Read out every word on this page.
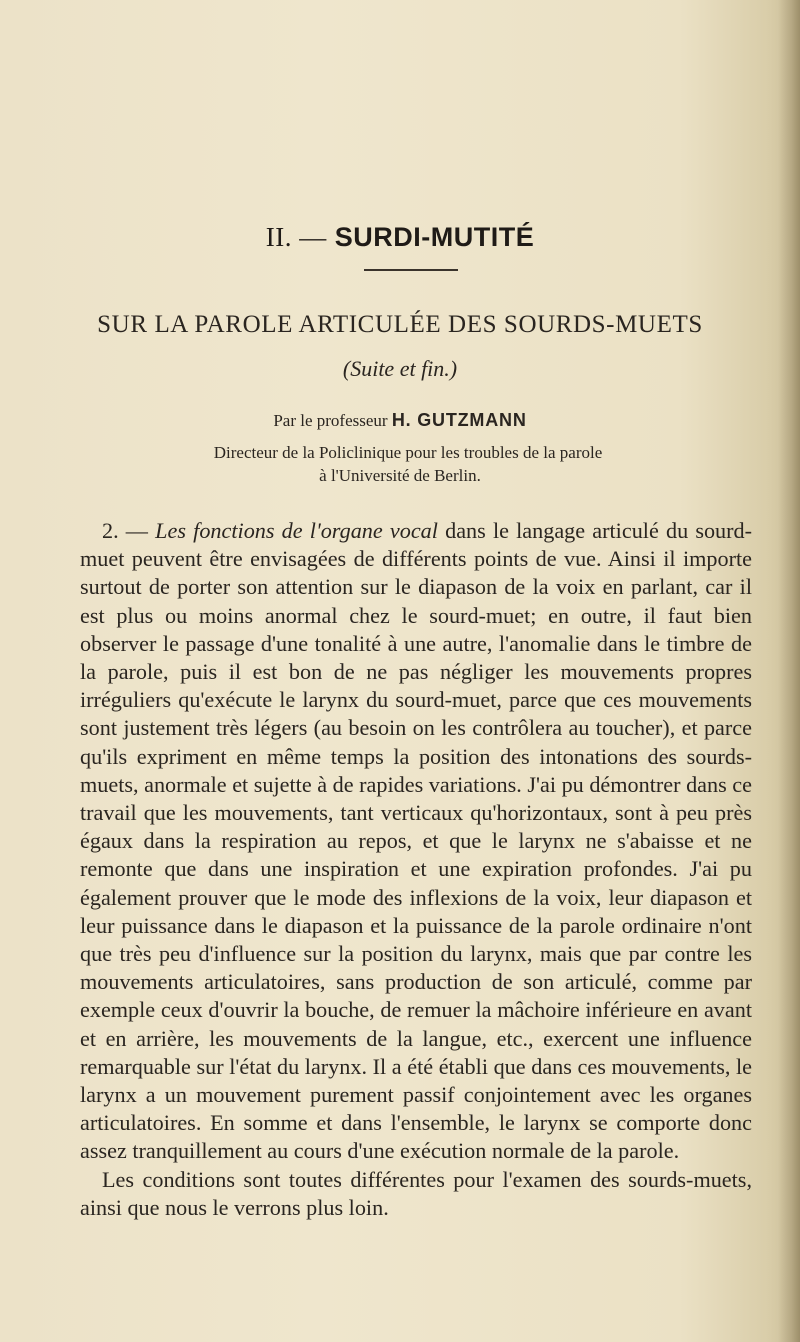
II. — SURDI-MUTITÉ
SUR LA PAROLE ARTICULÉE DES SOURDS-MUETS
(Suite et fin.)
Par le professeur H. GUTZMANN
Directeur de la Policlinique pour les troubles de la parole
à l'Université de Berlin.

2. — Les fonctions de l'organe vocal dans le langage articulé du sourd-muet peuvent être envisagées de différents points de vue. Ainsi il importe surtout de porter son attention sur le diapason de la voix en parlant, car il est plus ou moins anormal chez le sourd-muet; en outre, il faut bien observer le passage d'une tonalité à une autre, l'anomalie dans le timbre de la parole, puis il est bon de ne pas négliger les mouvements propres irréguliers qu'exécute le larynx du sourd-muet, parce que ces mouvements sont justement très légers (au besoin on les contrôlera au toucher), et parce qu'ils expriment en même temps la position des intonations des sourds-muets, anormale et sujette à de rapides variations. J'ai pu démontrer dans ce travail que les mouvements, tant verticaux qu'horizontaux, sont à peu près égaux dans la respiration au repos, et que le larynx ne s'abaisse et ne remonte que dans une inspiration et une expiration profondes. J'ai pu également prouver que le mode des inflexions de la voix, leur diapason et leur puissance dans le diapason et la puissance de la parole ordinaire n'ont que très peu d'influence sur la position du larynx, mais que par contre les mouvements articulatoires, sans production de son articulé, comme par exemple ceux d'ouvrir la bouche, de remuer la mâchoire inférieure en avant et en arrière, les mouvements de la langue, etc., exercent une influence remarquable sur l'état du larynx. Il a été établi que dans ces mouvements, le larynx a un mouvement purement passif conjointement avec les organes articulatoires. En somme et dans l'ensemble, le larynx se comporte donc assez tranquillement au cours d'une exécution normale de la parole.

Les conditions sont toutes différentes pour l'examen des sourds-muets, ainsi que nous le verrons plus loin.
